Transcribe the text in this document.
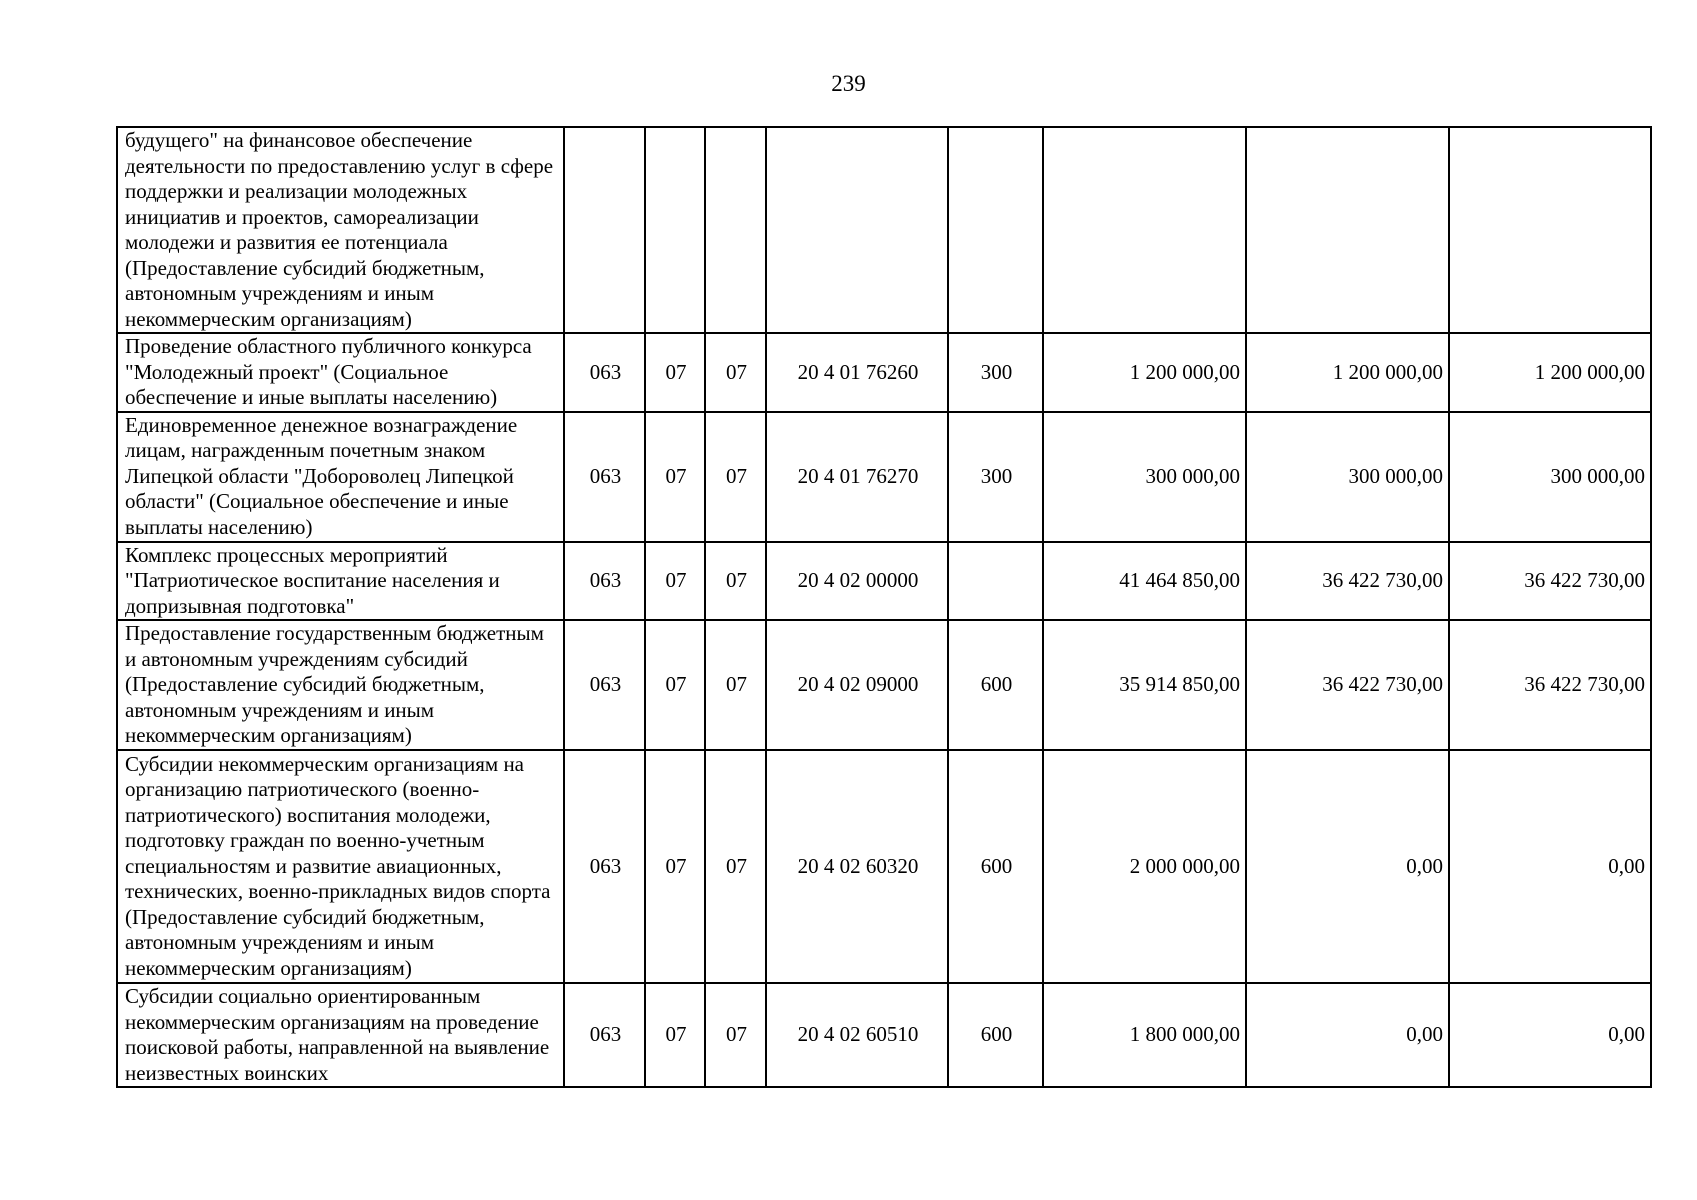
239
будущего" на финансовое обеспечение деятельности по предоставлению услуг в сфере поддержки и реализации молодежных инициатив и проектов, самореализации молодежи и развития ее потенциала (Предоставление субсидий бюджетным, автономным учреждениям и иным некоммерческим организациям)								
Проведение областного публичного конкурса "Молодежный проект" (Социальное обеспечение и иные выплаты населению)	063	07	07	20 4 01 76260	300	1 200 000,00	1 200 000,00	1 200 000,00
Единовременное денежное вознаграждение лицам, награжденным почетным знаком Липецкой области "Добороволец Липецкой области" (Социальное обеспечение и иные выплаты населению)	063	07	07	20 4 01 76270	300	300 000,00	300 000,00	300 000,00
Комплекс процессных мероприятий "Патриотическое воспитание населения и допризывная подготовка"	063	07	07	20 4 02 00000		41 464 850,00	36 422 730,00	36 422 730,00
Предоставление государственным бюджетным и автономным учреждениям субсидий (Предоставление субсидий бюджетным, автономным учреждениям и иным некоммерческим организациям)	063	07	07	20 4 02 09000	600	35 914 850,00	36 422 730,00	36 422 730,00
Субсидии некоммерческим организациям на организацию патриотического (военно-патриотического) воспитания молодежи, подготовку граждан по военно-учетным специальностям и развитие авиационных, технических, военно-прикладных видов спорта (Предоставление субсидий бюджетным, автономным учреждениям и иным некоммерческим организациям)	063	07	07	20 4 02 60320	600	2 000 000,00	0,00	0,00
Субсидии социально ориентированным некоммерческим организациям на проведение поисковой работы, направленной на выявление неизвестных воинских	063	07	07	20 4 02 60510	600	1 800 000,00	0,00	0,00
